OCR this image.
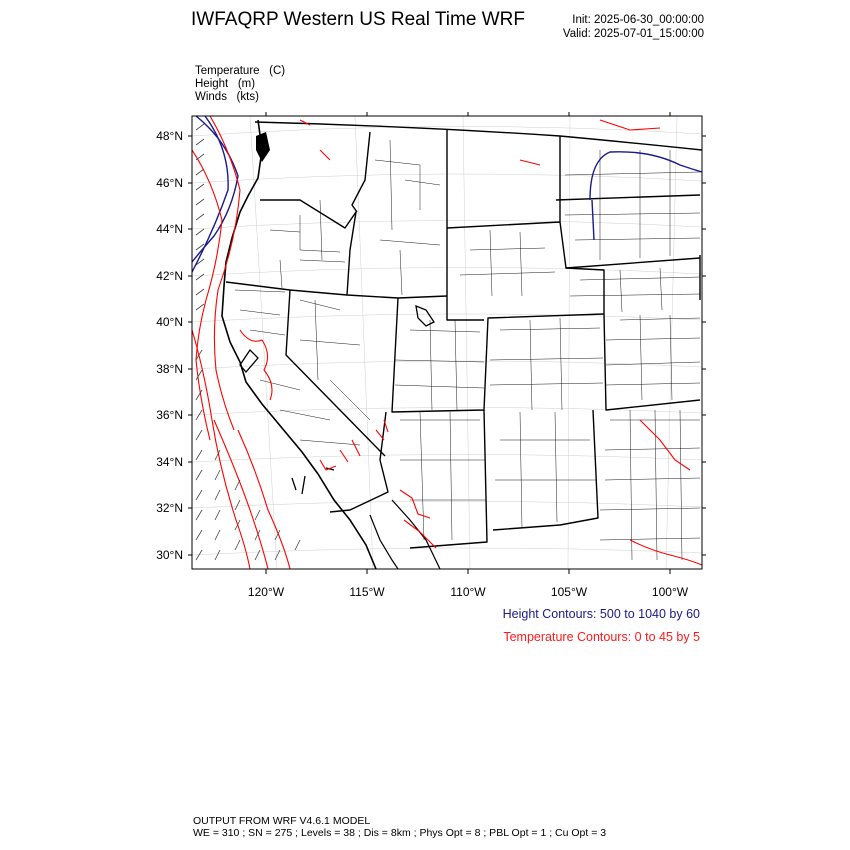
IWFAQRP Western US Real Time WRF	Init: 2025-06-30_00:00:00
Valid: 2025-07-01_15:00:00
Temperature (C)
Height (m)
Winds (kts)
48°N
46°N
44°N
42°N
40°N
38°N
36°N
34°N
32°N
30°N
120°W	115°W	110°W	105°W	100°W
Height Contours: 500 to 1040 by 60
Temperature Contours: 0 to 45 by 5
OUTPUT FROM WRF V4.6.1 MODEL
WE = 310 ; SN = 275 ; Levels = 38 ; Dis = 8km ; Phys Opt = 8 ; PBL Opt = 1 ; Cu Opt = 3
